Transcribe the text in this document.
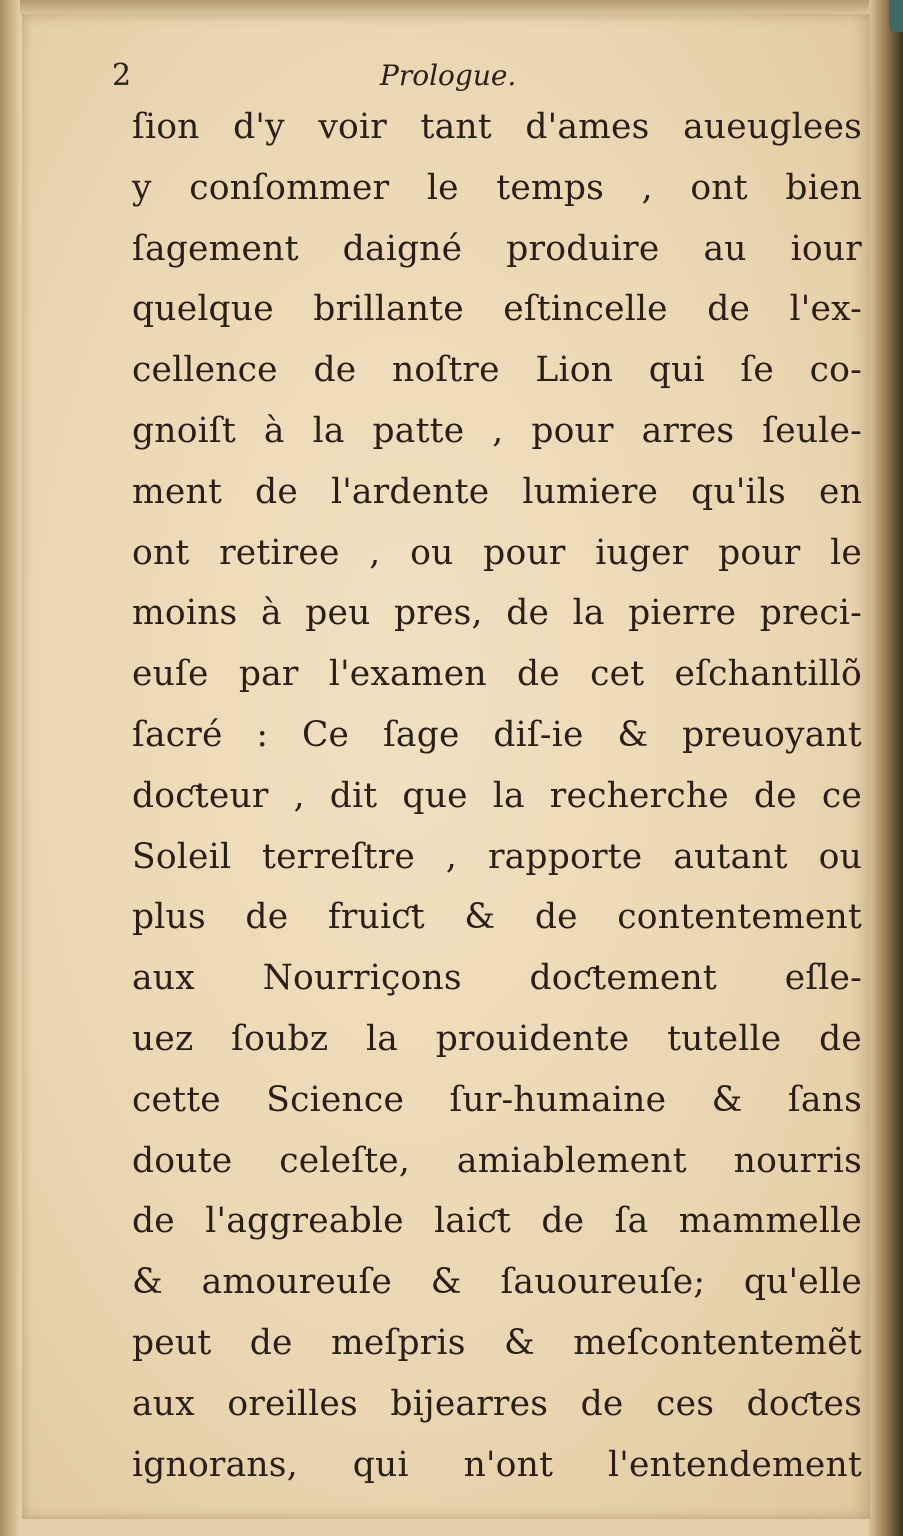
2	Prologue.
ſion d'y voir tant d'ames aueuglees
y conſommer le temps , ont bien
ſagement daigné produire au iour
quelque brillante eſtincelle de l'ex-
cellence de noſtre Lion qui ſe co-
gnoiſt à la patte , pour arres ſeule-
ment de l'ardente lumiere qu'ils en
ont retiree , ou pour iuger pour le
moins à peu pres, de la pierre preci-
euſe par l'examen de cet eſchantillõ
ſacré : Ce ſage diſ-ie & preuoyant
doƈteur , dit que la recherche de ce
Soleil terreſtre , rapporte autant ou
plus de fruiƈt & de contentement
aux Nourriçons doƈtement eſle-
uez ſoubz la prouidente tutelle de
cette Science ſur-humaine & ſans
doute celeſte, amiablement nourris
de l'aggreable laiƈt de ſa mammelle
& amoureuſe & ſauoureuſe; qu'elle
peut de meſpris & meſcontentemẽt
aux oreilles bijearres de ces doƈtes
ignorans, qui n'ont l'entendement
